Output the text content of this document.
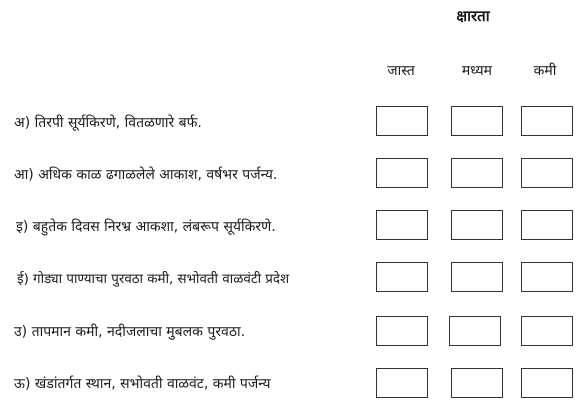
क्षारता
जास्त	मध्यम	कमी
अ) तिरपी सूर्यकिरणे, वितळणारे बर्फ.
आ) अधिक काळ ढगाळलेले आकाश, वर्षभर पर्जन्य.
इ) बहुतेक दिवस निरभ्र आकशा, लंबरूप सूर्यकिरणे.
ई) गोड्या पाण्याचा पुरवठा कमी, सभोवती वाळवंटी प्रदेश
उ) तापमान कमी, नदीजलाचा मुबलक पुरवठा.
ऊ) खंडांतर्गत स्थान, सभोवती वाळवंट, कमी पर्जन्य
